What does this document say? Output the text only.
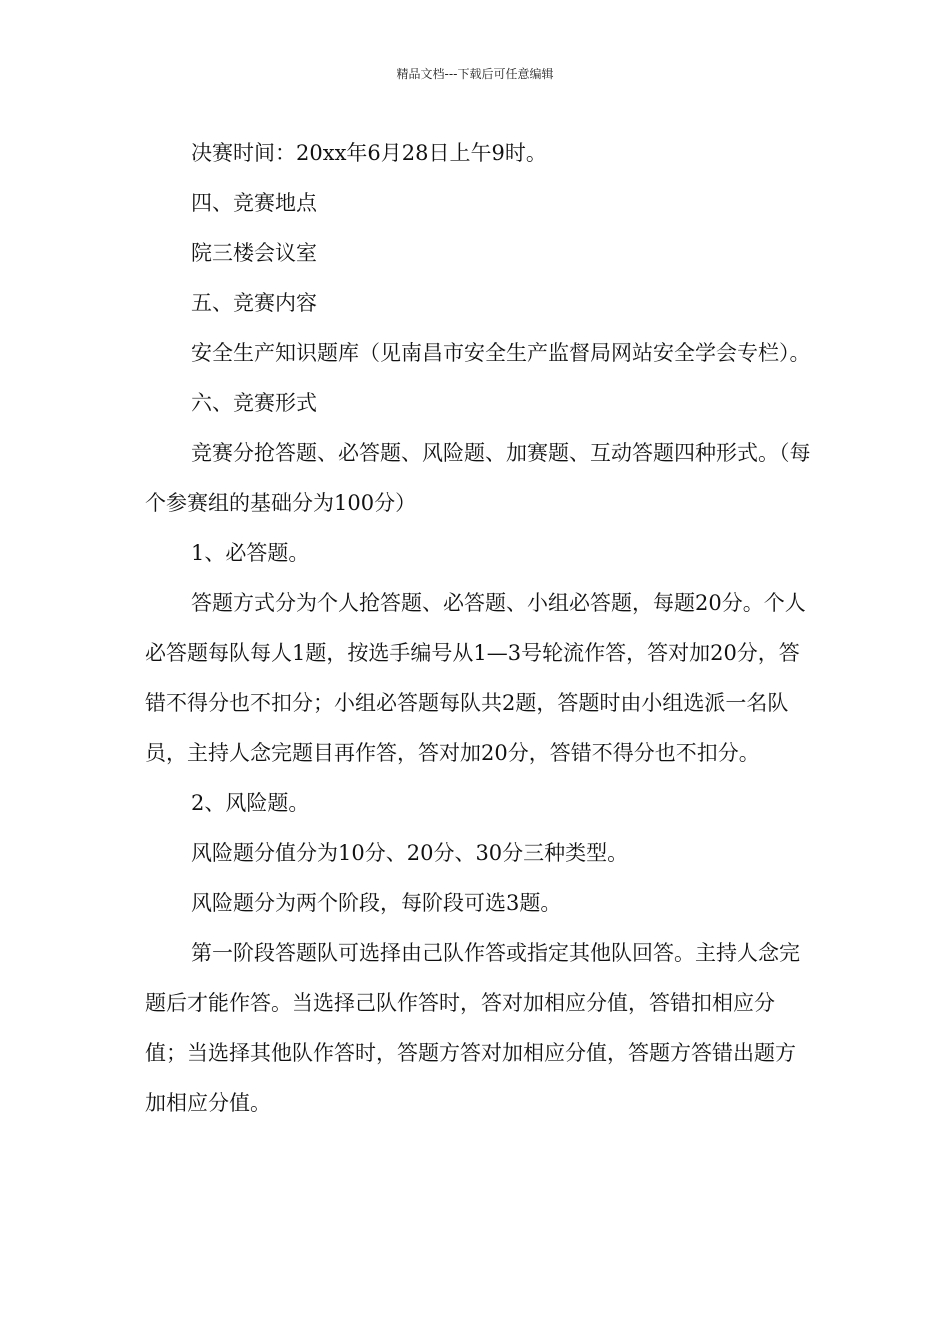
精品文档---下载后可任意编辑

决赛时间：20xx年6月28日上午9时。

四、竞赛地点

院三楼会议室

五、竞赛内容

安全生产知识题库（见南昌市安全生产监督局网站安全学会专栏）。

六、竞赛形式

竞赛分抢答题、必答题、风险题、加赛题、互动答题四种形式。（每个参赛组的基础分为100分）

1、必答题。

答题方式分为个人抢答题、必答题、小组必答题，每题20分。个人必答题每队每人1题，按选手编号从1—3号轮流作答，答对加20分，答错不得分也不扣分；小组必答题每队共2题，答题时由小组选派一名队员，主持人念完题目再作答，答对加20分，答错不得分也不扣分。

2、风险题。

风险题分值分为10分、20分、30分三种类型。

风险题分为两个阶段，每阶段可选3题。

第一阶段答题队可选择由己队作答或指定其他队回答。主持人念完题后才能作答。当选择己队作答时，答对加相应分值，答错扣相应分值；当选择其他队作答时，答题方答对加相应分值，答题方答错出题方加相应分值。
